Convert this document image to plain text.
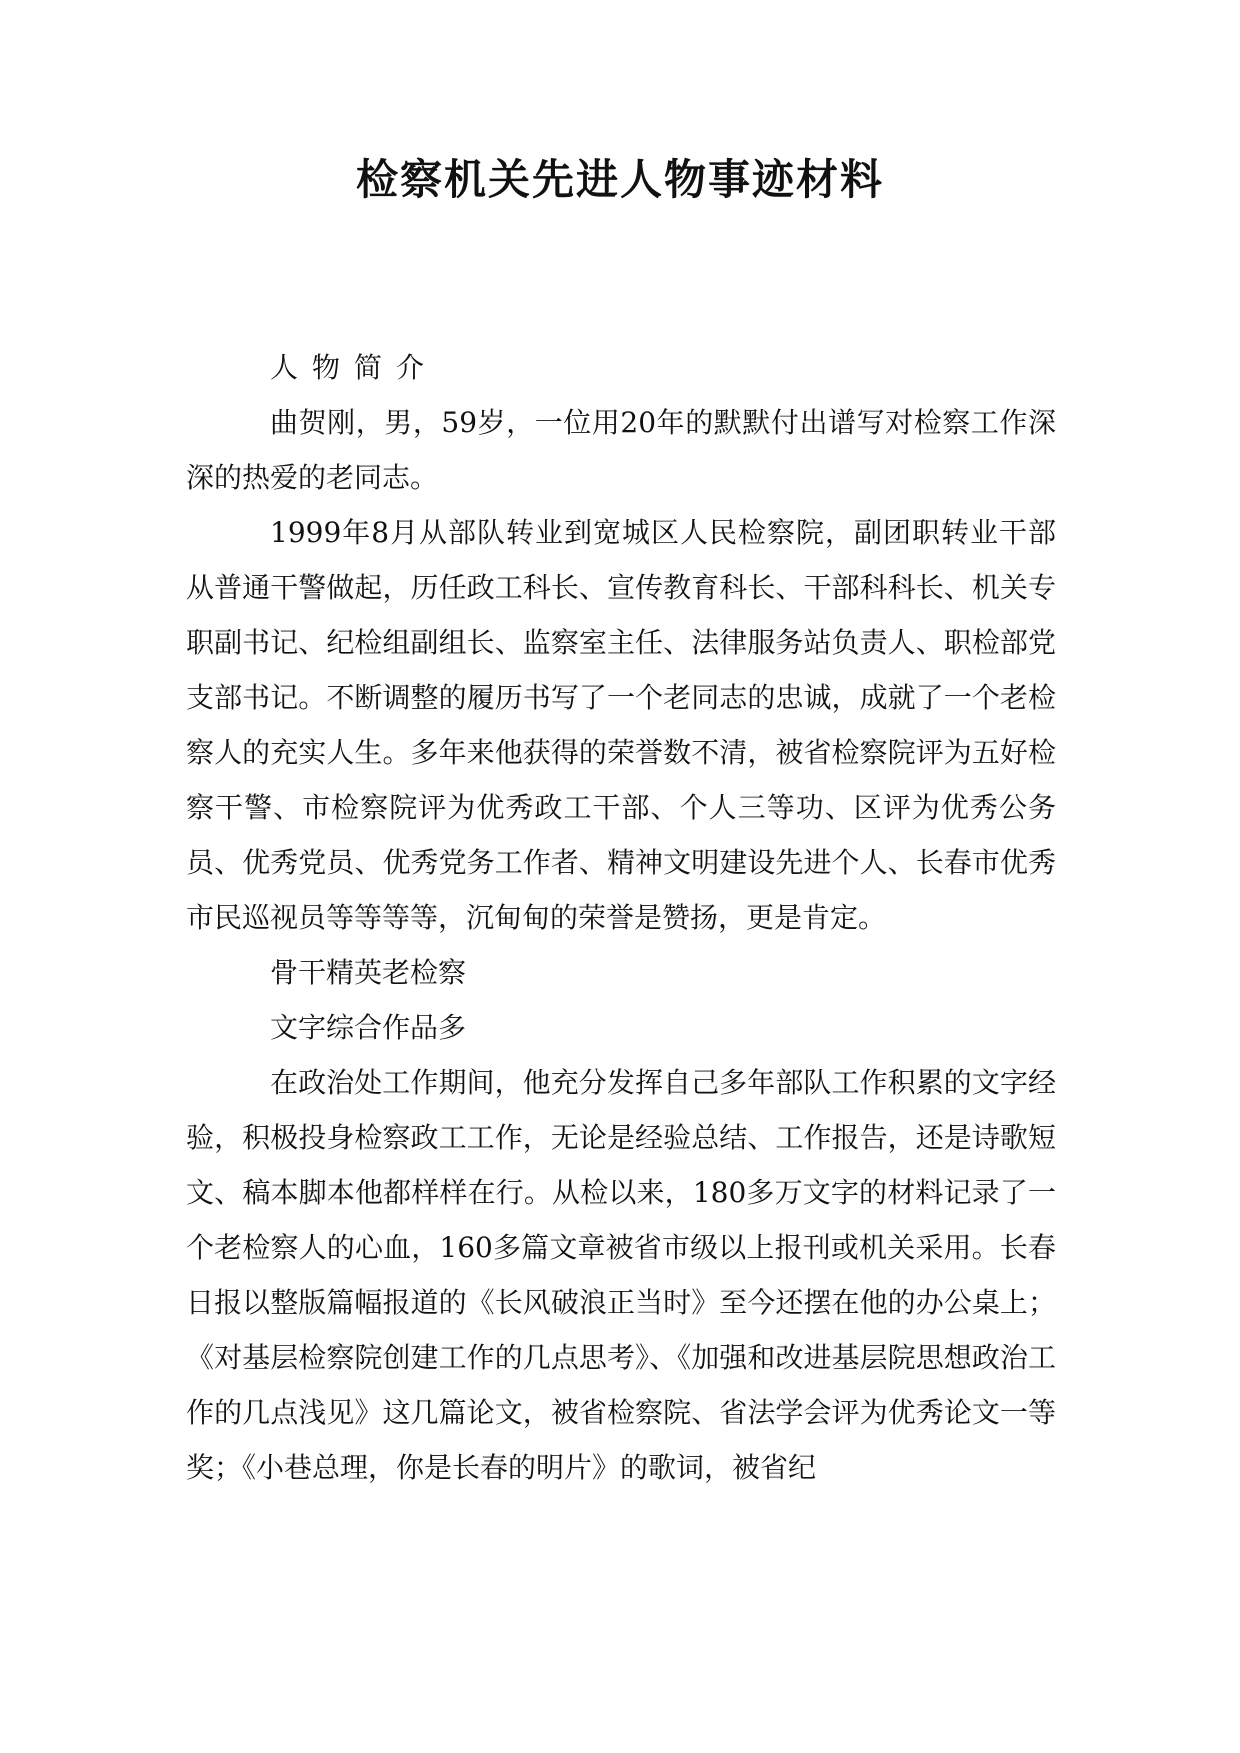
检察机关先进人物事迹材料

人物简介

曲贺刚，男，59岁，一位用20年的默默付出谱写对检察工作深深的热爱的老同志。

1999年8月从部队转业到宽城区人民检察院，副团职转业干部从普通干警做起，历任政工科长、宣传教育科长、干部科科长、机关专职副书记、纪检组副组长、监察室主任、法律服务站负责人、职检部党支部书记。不断调整的履历书写了一个老同志的忠诚，成就了一个老检察人的充实人生。多年来他获得的荣誉数不清，被省检察院评为五好检察干警、市检察院评为优秀政工干部、个人三等功、区评为优秀公务员、优秀党员、优秀党务工作者、精神文明建设先进个人、长春市优秀市民巡视员等等等等，沉甸甸的荣誉是赞扬，更是肯定。

骨干精英老检察

文字综合作品多

在政治处工作期间，他充分发挥自己多年部队工作积累的文字经验，积极投身检察政工工作，无论是经验总结、工作报告，还是诗歌短文、稿本脚本他都样样在行。从检以来，180多万文字的材料记录了一个老检察人的心血，160多篇文章被省市级以上报刊或机关采用。长春日报以整版篇幅报道的《长风破浪正当时》至今还摆在他的办公桌上；《对基层检察院创建工作的几点思考》、《加强和改进基层院思想政治工作的几点浅见》这几篇论文，被省检察院、省法学会评为优秀论文一等奖；《小巷总理，你是长春的明片》的歌词，被省纪
